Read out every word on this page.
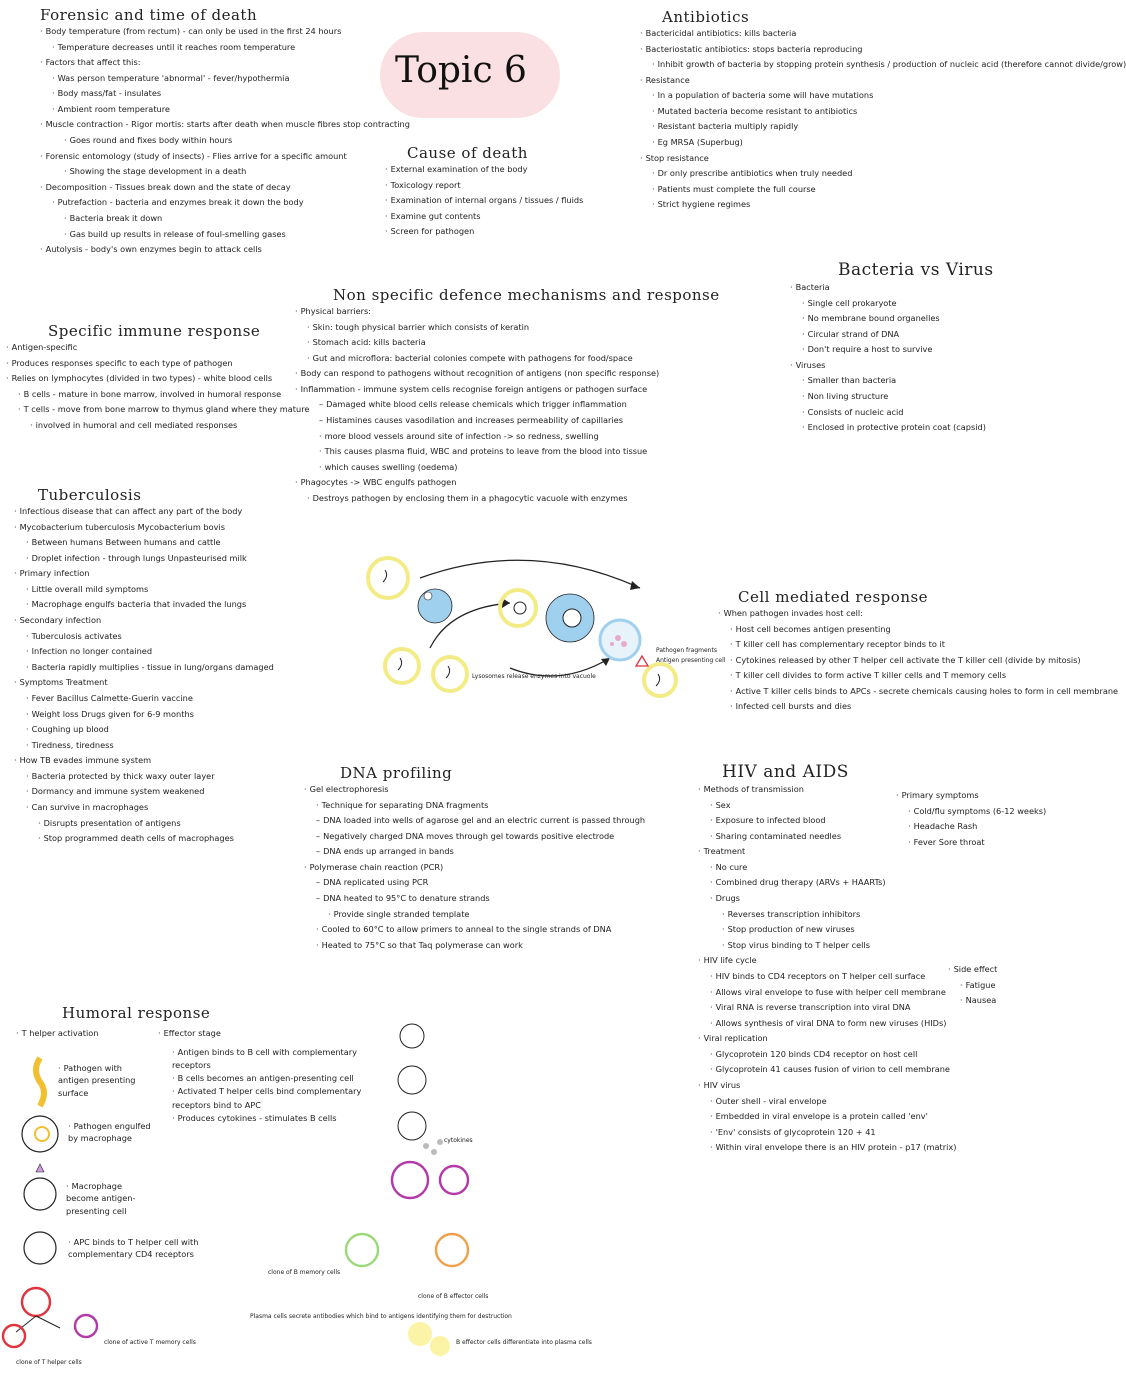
Topic 6
Forensic and time of death
· Body temperature (from rectum) - can only be used in the first 24 hours
· Temperature decreases until it reaches room temperature
· Factors that affect this:
· Was person temperature 'abnormal' - fever/hypothermia
· Body mass/fat - insulates
· Ambient room temperature
· Muscle contraction - Rigor mortis: starts after death when muscle fibres stop contracting
· Goes round and fixes body within hours
· Forensic entomology (study of insects) - Flies arrive for a specific amount
· Showing the stage development in a death
· Decomposition - Tissues break down and the state of decay
· Putrefaction - bacteria and enzymes break it down the body
· Bacteria break it down
· Gas build up results in release of foul-smelling gases
· Autolysis - body's own enzymes begin to attack cells
Antibiotics
· Bactericidal antibiotics: kills bacteria
· Bacteriostatic antibiotics: stops bacteria reproducing
· Inhibit growth of bacteria by stopping protein synthesis / production of nucleic acid (therefore cannot divide/grow)
· Resistance
· In a population of bacteria some will have mutations
· Mutated bacteria become resistant to antibiotics
· Resistant bacteria multiply rapidly
· Eg MRSA (Superbug)
· Stop resistance
· Dr only prescribe antibiotics when truly needed
· Patients must complete the full course
· Strict hygiene regimes
Cause of death
· External examination of the body
· Toxicology report
· Examination of internal organs / tissues / fluids
· Examine gut contents
· Screen for pathogen
Bacteria vs Virus
· Bacteria
· Single cell prokaryote
· No membrane bound organelles
· Circular strand of DNA
· Don't require a host to survive
· Viruses
· Smaller than bacteria
· Non living structure
· Consists of nucleic acid
· Enclosed in protective protein coat (capsid)
Non specific defence mechanisms and response
· Physical barriers:
· Skin: tough physical barrier which consists of keratin
· Stomach acid: kills bacteria
· Gut and microflora: bacterial colonies compete with pathogens for food/space
· Body can respond to pathogens without recognition of antigens (non specific response)
· Inflammation - immune system cells recognise foreign antigens or pathogen surface
– Damaged white blood cells release chemicals which trigger inflammation
– Histamines causes vasodilation and increases permeability of capillaries
· more blood vessels around site of infection -> so redness, swelling
· This causes plasma fluid, WBC and proteins to leave from the blood into tissue
· which causes swelling (oedema)
· Phagocytes -> WBC engulfs pathogen
· Destroys pathogen by enclosing them in a phagocytic vacuole with enzymes
Specific immune response
· Antigen-specific
· Produces responses specific to each type of pathogen
· Relies on lymphocytes (divided in two types) - white blood cells
· B cells - mature in bone marrow, involved in humoral response
· T cells - move from bone marrow to thymus gland where they mature
· involved in humoral and cell mediated responses
Tuberculosis
· Infectious disease that can affect any part of the body
· Mycobacterium tuberculosis Mycobacterium bovis
· Between humans Between humans and cattle
· Droplet infection - through lungs Unpasteurised milk
· Primary infection
· Little overall mild symptoms
· Macrophage engulfs bacteria that invaded the lungs
· Secondary infection
· Tuberculosis activates
· Infection no longer contained
· Bacteria rapidly multiplies - tissue in lung/organs damaged
· Symptoms Treatment
· Fever Bacillus Calmette-Guerin vaccine
· Weight loss Drugs given for 6-9 months
· Coughing up blood
· Tiredness, tiredness
· How TB evades immune system
· Bacteria protected by thick waxy outer layer
· Dormancy and immune system weakened
· Can survive in macrophages
· Disrupts presentation of antigens
· Stop programmed death cells of macrophages
Cell mediated response
· When pathogen invades host cell:
· Host cell becomes antigen presenting
· T killer cell has complementary receptor binds to it
· Cytokines released by other T helper cell activate the T killer cell (divide by mitosis)
· T killer cell divides to form active T killer cells and T memory cells
· Active T killer cells binds to APCs - secrete chemicals causing holes to form in cell membrane
· Infected cell bursts and dies
HIV and AIDS
· Methods of transmission
· Sex
· Exposure to infected blood
· Sharing contaminated needles
· Treatment
· No cure
· Combined drug therapy (ARVs + HAARTs)
· Drugs
· Reverses transcription inhibitors
· Stop production of new viruses
· Stop virus binding to T helper cells
· HIV life cycle
· HIV binds to CD4 receptors on T helper cell surface
· Allows viral envelope to fuse with helper cell membrane
· Viral RNA is reverse transcription into viral DNA
· Allows synthesis of viral DNA to form new viruses (HIDs)
· Viral replication
· Glycoprotein 120 binds CD4 receptor on host cell
· Glycoprotein 41 causes fusion of virion to cell membrane
· HIV virus
· Outer shell - viral envelope
· Embedded in viral envelope is a protein called 'env'
· 'Env' consists of glycoprotein 120 + 41
· Within viral envelope there is an HIV protein - p17 (matrix)
· Primary symptoms
· Cold/flu symptoms (6-12 weeks)
· Headache Rash
· Fever Sore throat
· Side effect
· Fatigue
· Nausea
DNA profiling
· Gel electrophoresis
· Technique for separating DNA fragments
– DNA loaded into wells of agarose gel and an electric current is passed through
– Negatively charged DNA moves through gel towards positive electrode
– DNA ends up arranged in bands
· Polymerase chain reaction (PCR)
– DNA replicated using PCR
– DNA heated to 95°C to denature strands
· Provide single stranded template
· Cooled to 60°C to allow primers to anneal to the single strands of DNA
· Heated to 75°C so that Taq polymerase can work
Humoral response
· T helper activation
·	Effector stage
· Pathogen with antigen presenting surface
· Pathogen engulfed by macrophage
· Macrophage become antigen-presenting cell
· APC binds to T helper cell with complementary CD4 receptors
· Antigen binds to B cell with complementary receptors
· B cells becomes an antigen-presenting cell
· Activated T helper cells bind complementary receptors bind to APC
· Produces cytokines - stimulates B cells
Lysosomes release enzymes into vacuole
Pathogen fragments
Antigen presenting cell
clone of T helper cells
clone of active T memory cells
cytokines
clone of B memory cells
clone of B effector cells
Plasma cells secrete antibodies which bind to antigens identifying them for destruction
B effector cells differentiate into plasma cells
